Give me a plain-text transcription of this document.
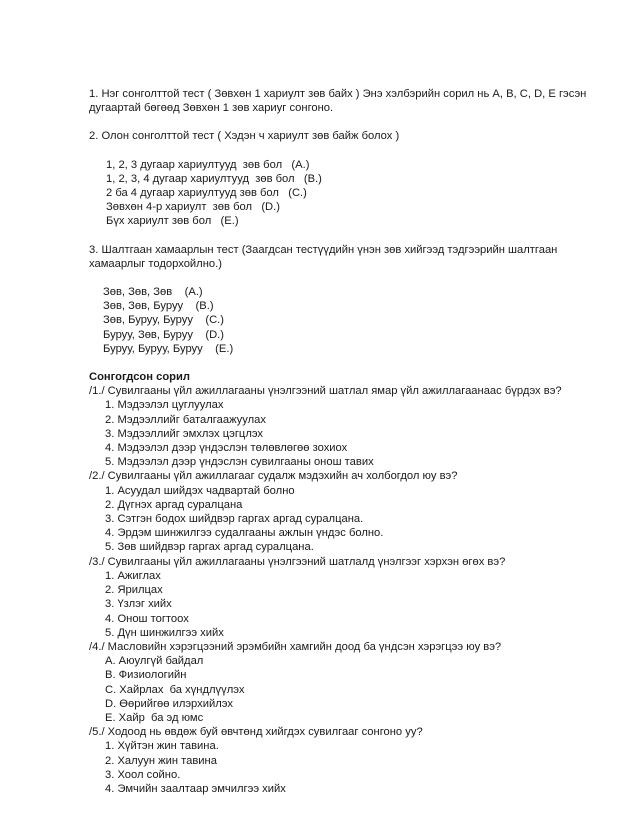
1. Нэг сонголттой тест ( Зөвхөн 1 хариулт зөв байх ) Энэ хэлбэрийн сорил нь A, B, C, D, E гэсэн дугаартай бөгөөд Зөвхөн 1 зөв хариуг сонгоно.

2. Олон сонголттой тест ( Хэдэн ч хариулт зөв байж болох )

1, 2, 3 дугаар хариултууд  зөв бол   (A.)
1, 2, 3, 4 дугаар хариултууд  зөв бол   (B.)
2 ба 4 дугаар хариултууд зөв бол   (C.)
Зөвхөн 4-р хариулт  зөв бол   (D.)
Бүх хариулт зөв бол   (E.)

3. Шалтгаан хамаарлын тест (Заагдсан тестүүдийн үнэн зөв хийгээд тэдгээрийн шалтгаан хамаарлыг тодорхойлно.)

Зөв, Зөв, Зөв    (A.)
Зөв, Зөв, Буруу    (B.)
Зөв, Буруу, Буруу    (C.)
Буруу, Зөв, Буруу    (D.)
Буруу, Буруу, Буруу    (E.)
Сонгогдсон сорил
/1./ Сувилгааны үйл ажиллагааны үнэлгээний шатлал ямар үйл ажиллагаанаас бүрдэх вэ?
1. Мэдээлэл цуглуулах
2. Мэдээллийг баталгаажуулах
3. Мэдээллийг эмхлэх цэгцлэх
4. Мэдээлэл дээр үндэслэн төлөвлөгөө зохиох
5. Мэдээлэл дээр үндэслэн сувилгааны онош тавих
/2./ Сувилгааны үйл ажиллагааг судалж мэдэхийн ач холбогдол юу вэ?
1. Асуудал шийдэх чадвартай болно
2. Дүгнэх аргад суралцана
3. Сэтгэн бодох шийдвэр гаргах аргад суралцана.
4. Эрдэм шинжилгээ судалгааны ажлын үндэс болно.
5. Зөв шийдвэр гаргах аргад суралцана.
/3./ Сувилгааны үйл ажиллагааны үнэлгээний шатлалд үнэлгээг хэрхэн өгөх вэ?
1. Ажиглах
2. Ярилцах
3. Үзлэг хийх
4. Онош тогтоох
5. Дүн шинжилгээ хийх
/4./ Масловийн хэрэгцээний эрэмбийн хамгийн доод ба үндсэн хэрэгцээ юу вэ?
A. Аюулгүй байдал
B. Физиологийн
C. Хайрлах  ба хүндлүүлэх
D. Өөрийгөө илэрхийлэх
E. Хайр  ба эд юмс
/5./ Ходоод нь өвдөж буй өвчтөнд хийгдэх сувилгааг сонгоно уу?
1. Хүйтэн жин тавина.
2. Халуун жин тавина
3. Хоол сойно.
4. Эмчийн заалтаар эмчилгээ хийх
